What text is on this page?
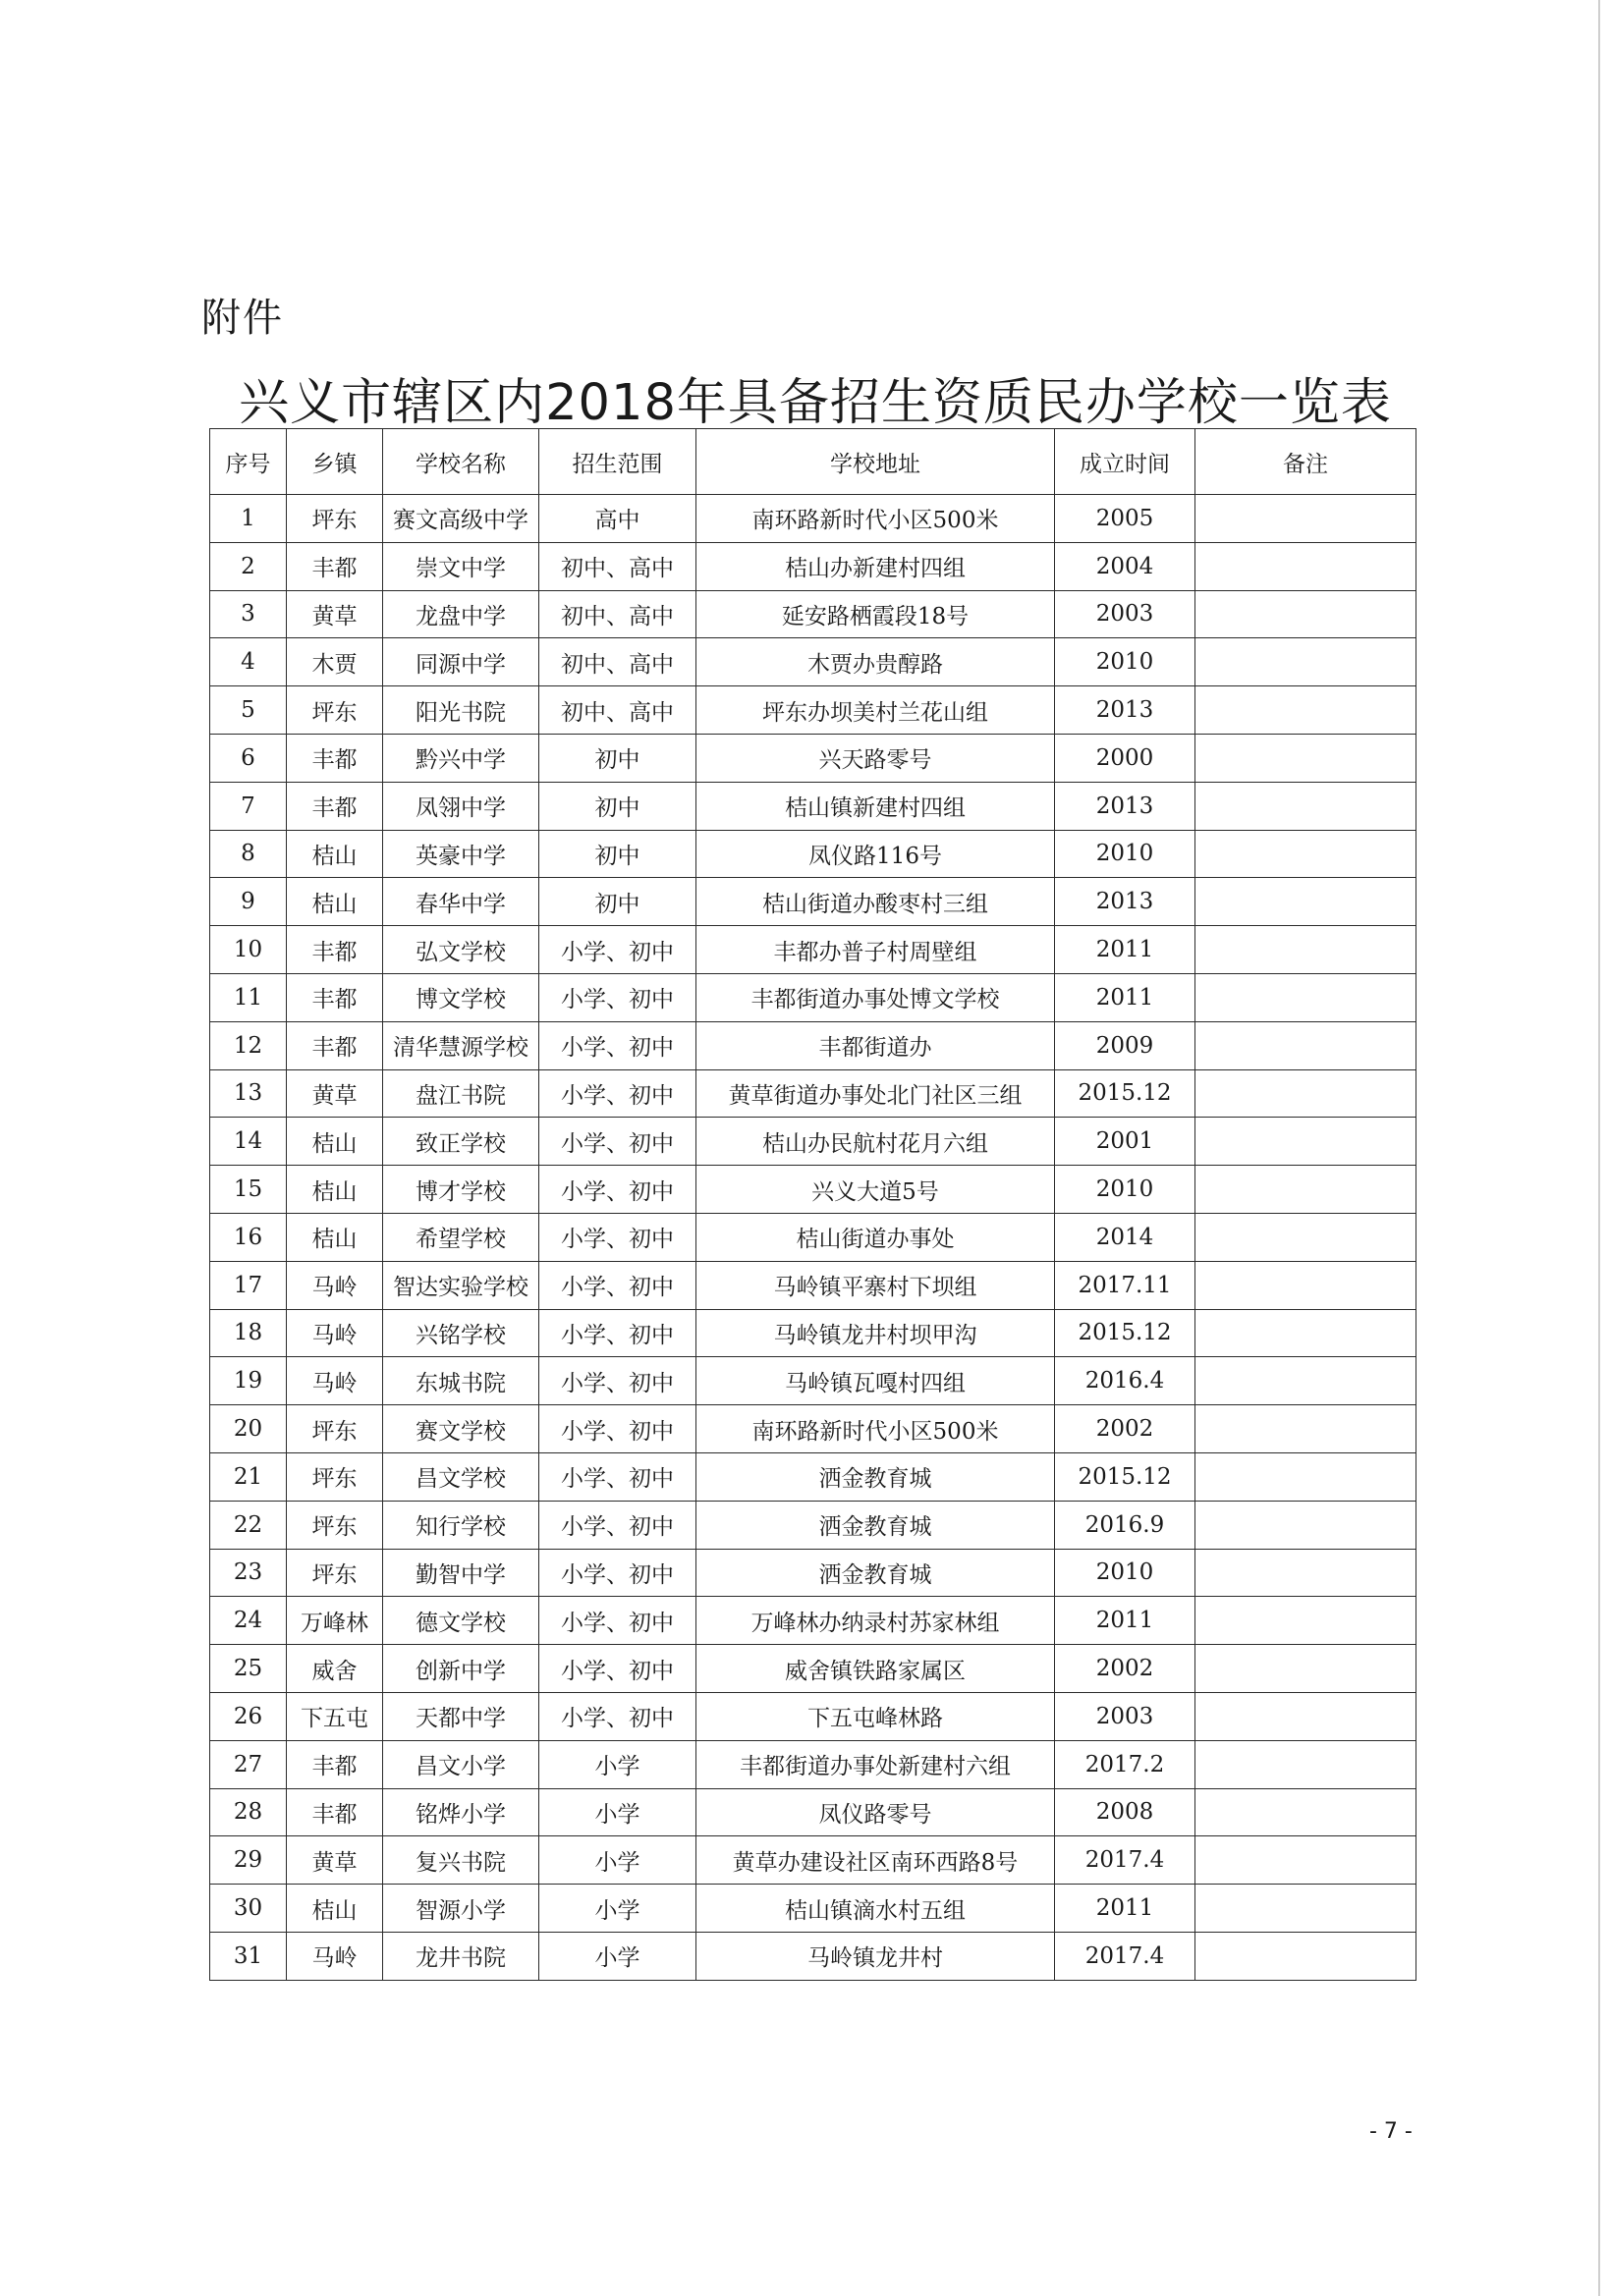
附件
兴义市辖区内2018年具备招生资质民办学校一览表
序号	乡镇	学校名称	招生范围	学校地址	成立时间	备注
1	坪东	赛文高级中学	高中	南环路新时代小区500米	2005	
2	丰都	崇文中学	初中、高中	桔山办新建村四组	2004	
3	黄草	龙盘中学	初中、高中	延安路栖霞段18号	2003	
4	木贾	同源中学	初中、高中	木贾办贵醇路	2010	
5	坪东	阳光书院	初中、高中	坪东办坝美村兰花山组	2013	
6	丰都	黔兴中学	初中	兴天路零号	2000	
7	丰都	凤翎中学	初中	桔山镇新建村四组	2013	
8	桔山	英豪中学	初中	凤仪路116号	2010	
9	桔山	春华中学	初中	桔山街道办酸枣村三组	2013	
10	丰都	弘文学校	小学、初中	丰都办普子村周壁组	2011	
11	丰都	博文学校	小学、初中	丰都街道办事处博文学校	2011	
12	丰都	清华慧源学校	小学、初中	丰都街道办	2009	
13	黄草	盘江书院	小学、初中	黄草街道办事处北门社区三组	2015.12	
14	桔山	致正学校	小学、初中	桔山办民航村花月六组	2001	
15	桔山	博才学校	小学、初中	兴义大道5号	2010	
16	桔山	希望学校	小学、初中	桔山街道办事处	2014	
17	马岭	智达实验学校	小学、初中	马岭镇平寨村下坝组	2017.11	
18	马岭	兴铭学校	小学、初中	马岭镇龙井村坝甲沟	2015.12	
19	马岭	东城书院	小学、初中	马岭镇瓦嘎村四组	2016.4	
20	坪东	赛文学校	小学、初中	南环路新时代小区500米	2002	
21	坪东	昌文学校	小学、初中	洒金教育城	2015.12	
22	坪东	知行学校	小学、初中	洒金教育城	2016.9	
23	坪东	勤智中学	小学、初中	洒金教育城	2010	
24	万峰林	德文学校	小学、初中	万峰林办纳录村苏家林组	2011	
25	威舍	创新中学	小学、初中	威舍镇铁路家属区	2002	
26	下五屯	天都中学	小学、初中	下五屯峰林路	2003	
27	丰都	昌文小学	小学	丰都街道办事处新建村六组	2017.2	
28	丰都	铭烨小学	小学	凤仪路零号	2008	
29	黄草	复兴书院	小学	黄草办建设社区南环西路8号	2017.4	
30	桔山	智源小学	小学	桔山镇滴水村五组	2011	
31	马岭	龙井书院	小学	马岭镇龙井村	2017.4	
- 7 -
